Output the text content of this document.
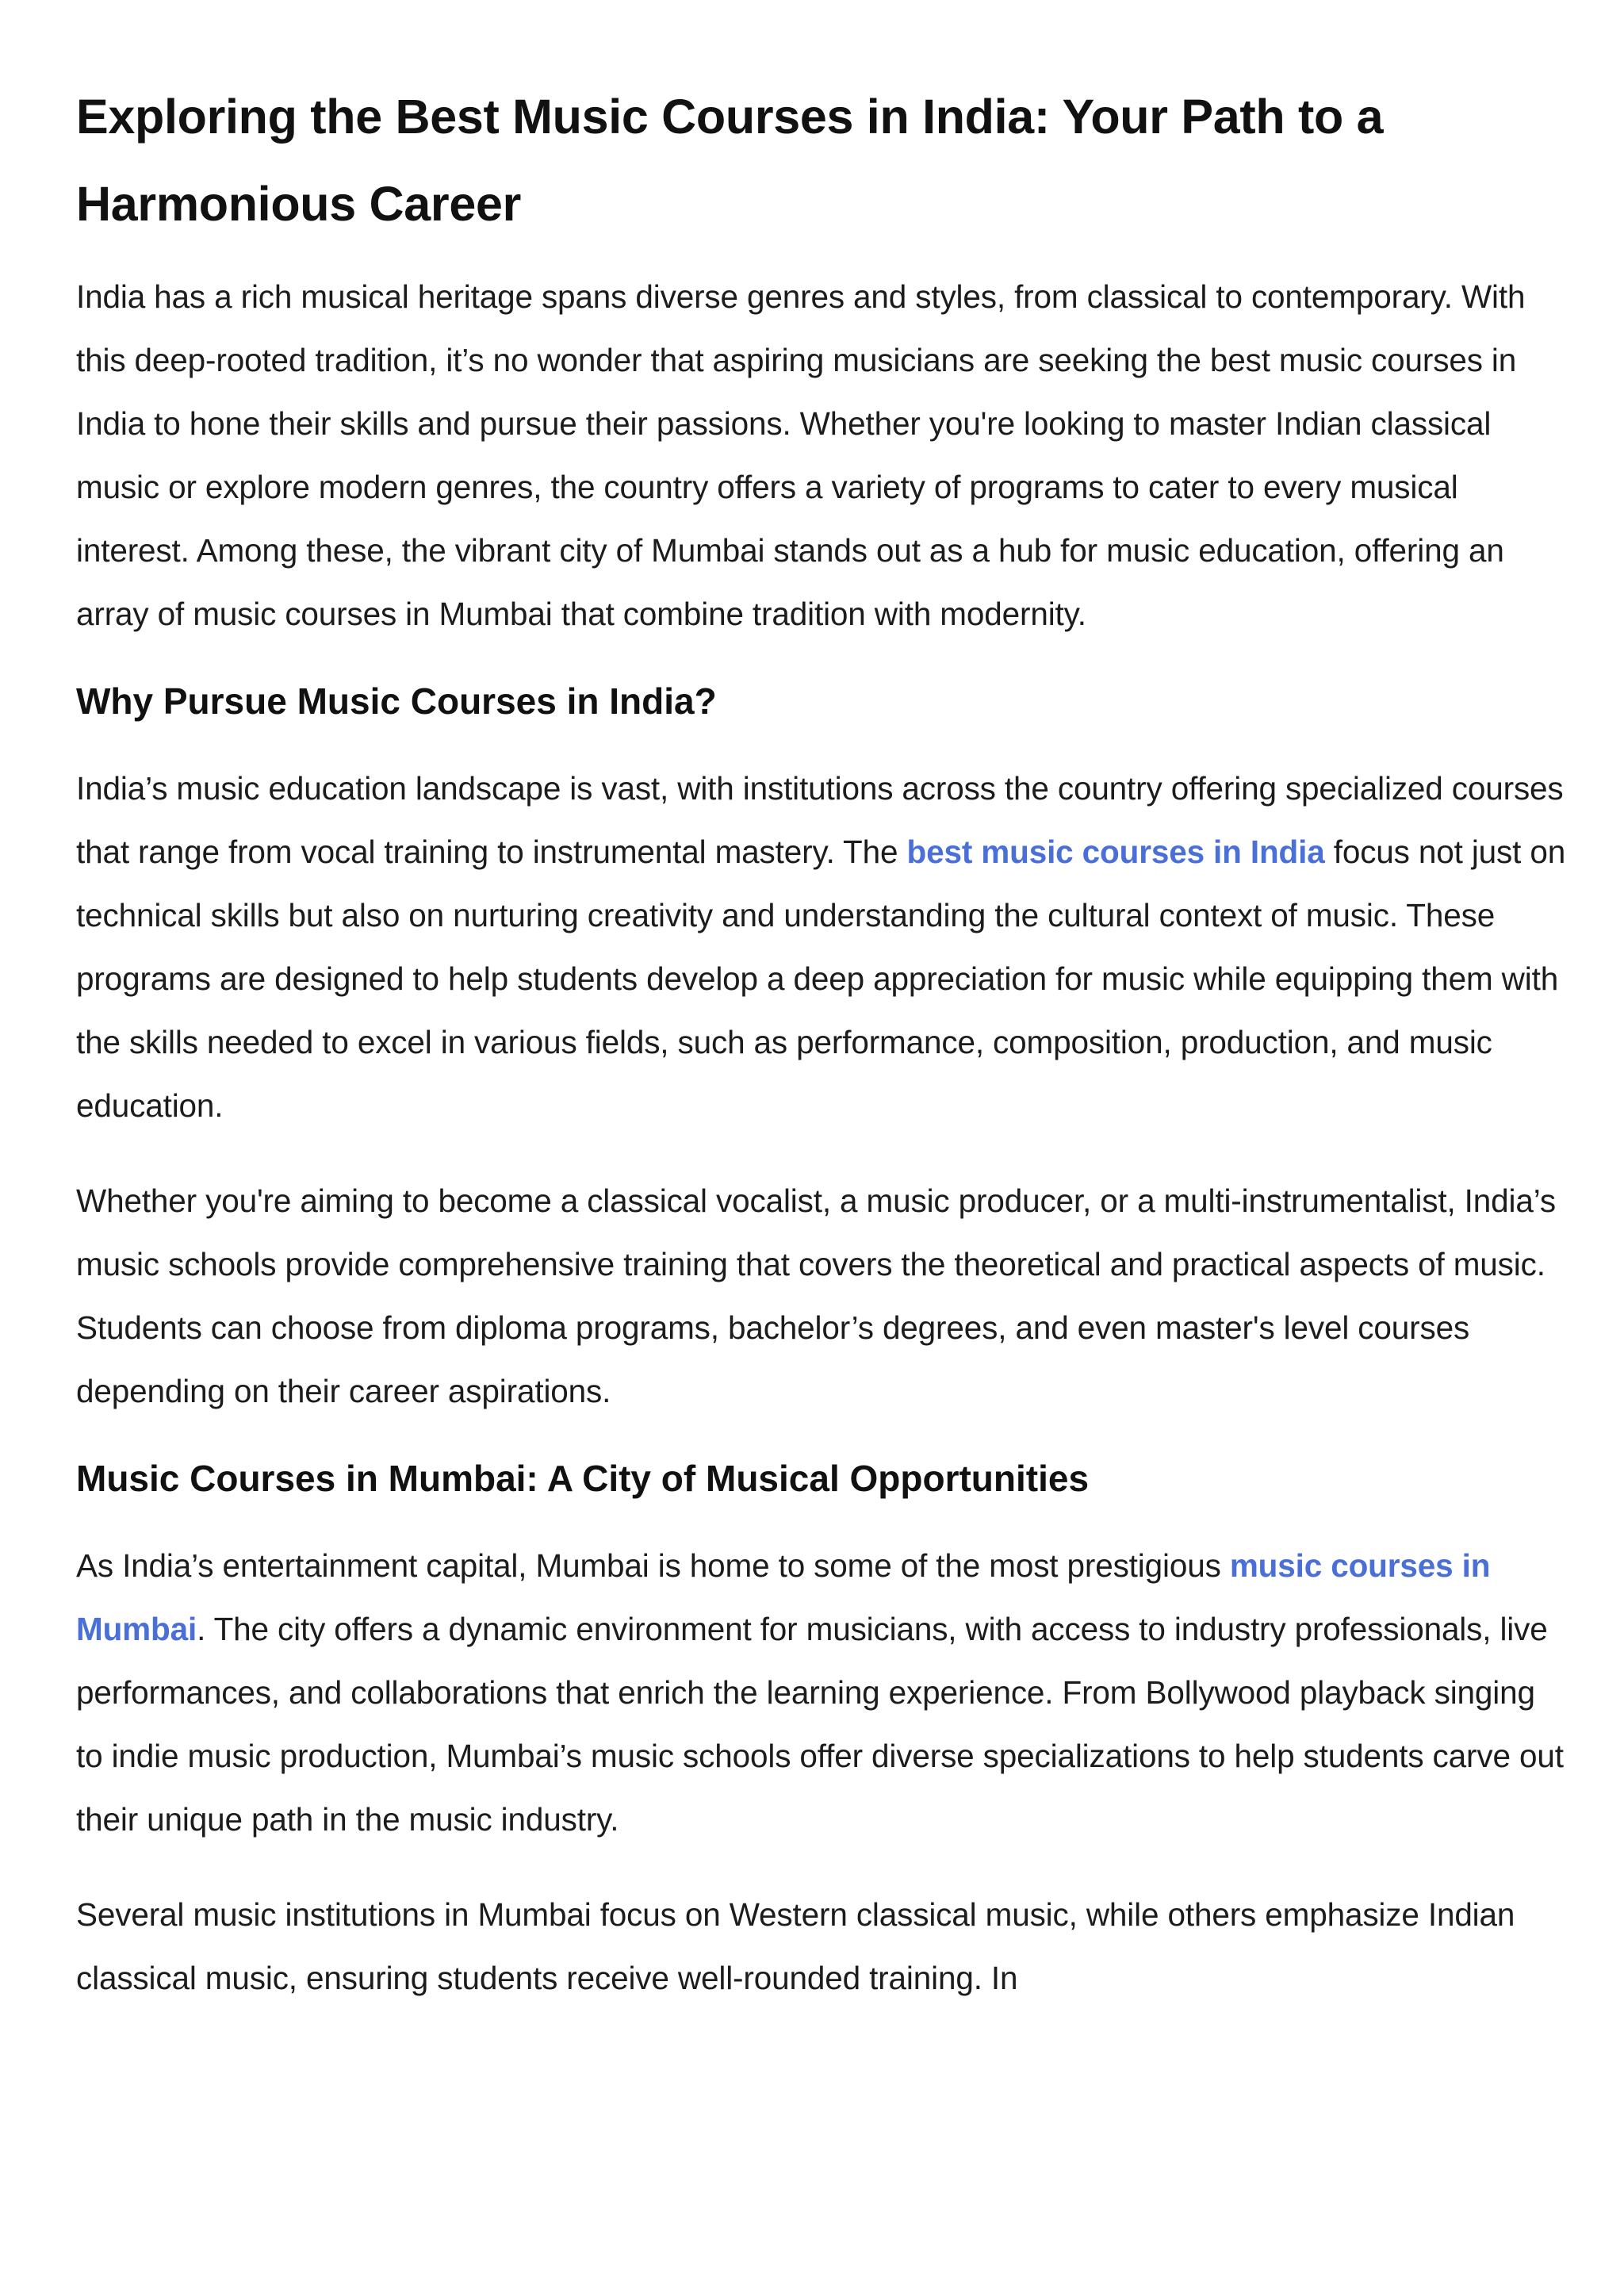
Exploring the Best Music Courses in India: Your Path to a Harmonious Career

India has a rich musical heritage spans diverse genres and styles, from classical to contemporary. With this deep-rooted tradition, it’s no wonder that aspiring musicians are seeking the best music courses in India to hone their skills and pursue their passions. Whether you're looking to master Indian classical music or explore modern genres, the country offers a variety of programs to cater to every musical interest. Among these, the vibrant city of Mumbai stands out as a hub for music education, offering an array of music courses in Mumbai that combine tradition with modernity.

Why Pursue Music Courses in India?

India’s music education landscape is vast, with institutions across the country offering specialized courses that range from vocal training to instrumental mastery. The best music courses in India focus not just on technical skills but also on nurturing creativity and understanding the cultural context of music. These programs are designed to help students develop a deep appreciation for music while equipping them with the skills needed to excel in various fields, such as performance, composition, production, and music education.

Whether you're aiming to become a classical vocalist, a music producer, or a multi-instrumentalist, India’s music schools provide comprehensive training that covers the theoretical and practical aspects of music. Students can choose from diploma programs, bachelor’s degrees, and even master's level courses depending on their career aspirations.

Music Courses in Mumbai: A City of Musical Opportunities

As India’s entertainment capital, Mumbai is home to some of the most prestigious music courses in Mumbai. The city offers a dynamic environment for musicians, with access to industry professionals, live performances, and collaborations that enrich the learning experience. From Bollywood playback singing to indie music production, Mumbai’s music schools offer diverse specializations to help students carve out their unique path in the music industry.

Several music institutions in Mumbai focus on Western classical music, while others emphasize Indian classical music, ensuring students receive well-rounded training. In
